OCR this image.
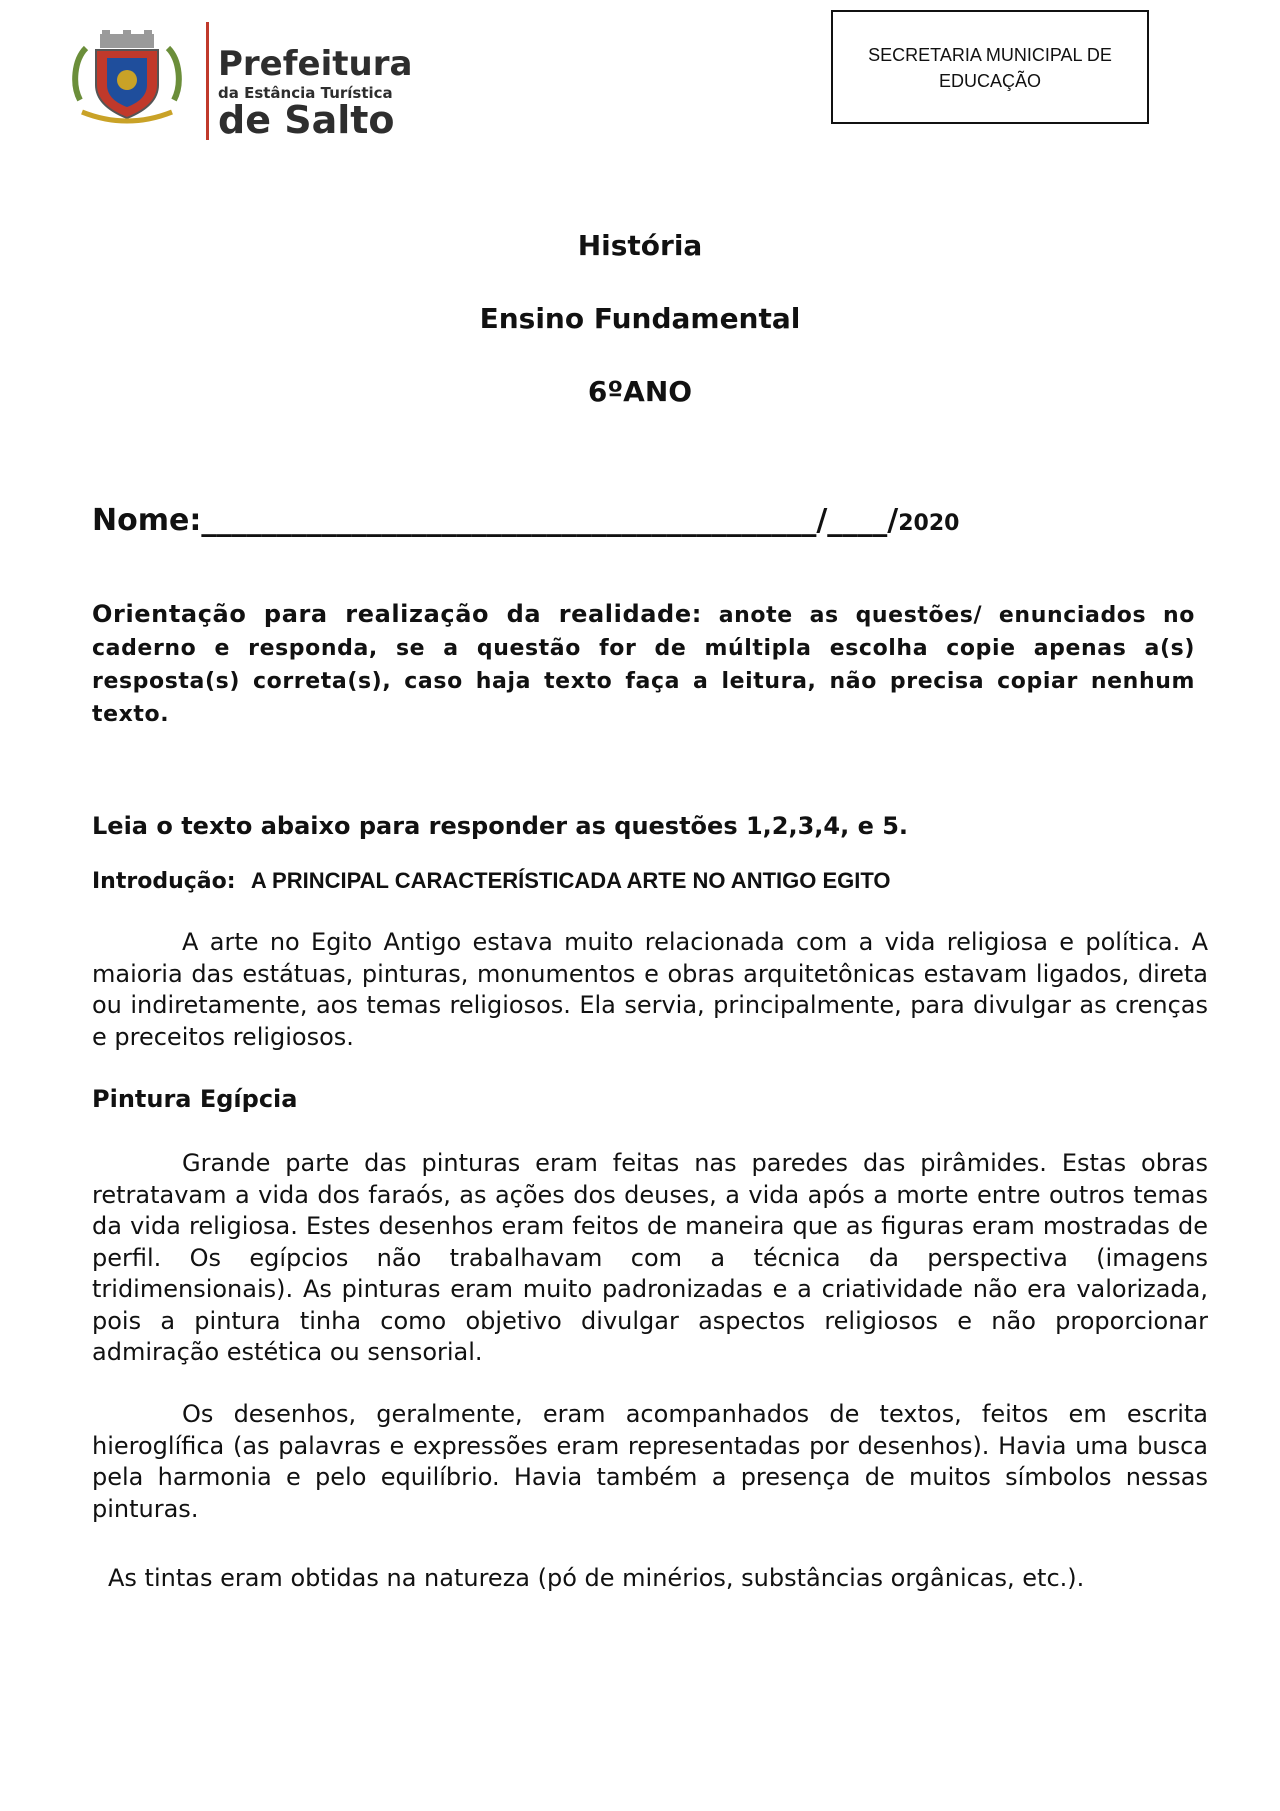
Prefeitura
da Estância Turística
de Salto
SECRETARIA MUNICIPAL DE
EDUCAÇÃO
História
Ensino Fundamental
6ºANO
Nome:_________________________________________/____/2020
Orientação para realização da realidade: anote as questões/ enunciados no caderno e responda, se a questão for de múltipla escolha copie apenas a(s) resposta(s) correta(s), caso haja texto faça a leitura, não precisa copiar nenhum texto.
Leia o texto abaixo para responder as questões 1,2,3,4, e 5.
Introdução: A PRINCIPAL CARACTERÍSTICADA ARTE NO ANTIGO EGITO
A arte no Egito Antigo estava muito relacionada com a vida religiosa e política. A maioria das estátuas, pinturas, monumentos e obras arquitetônicas estavam ligados, direta ou indiretamente, aos temas religiosos. Ela servia, principalmente, para divulgar as crenças e preceitos religiosos.
Pintura Egípcia
Grande parte das pinturas eram feitas nas paredes das pirâmides. Estas obras retratavam a vida dos faraós, as ações dos deuses, a vida após a morte entre outros temas da vida religiosa. Estes desenhos eram feitos de maneira que as figuras eram mostradas de perfil. Os egípcios não trabalhavam com a técnica da perspectiva (imagens tridimensionais). As pinturas eram muito padronizadas e a criatividade não era valorizada, pois a pintura tinha como objetivo divulgar aspectos religiosos e não proporcionar admiração estética ou sensorial.
Os desenhos, geralmente, eram acompanhados de textos, feitos em escrita hieroglífica (as palavras e expressões eram representadas por desenhos). Havia uma busca pela harmonia e pelo equilíbrio. Havia também a presença de muitos símbolos nessas pinturas.
As tintas eram obtidas na natureza (pó de minérios, substâncias orgânicas, etc.).
